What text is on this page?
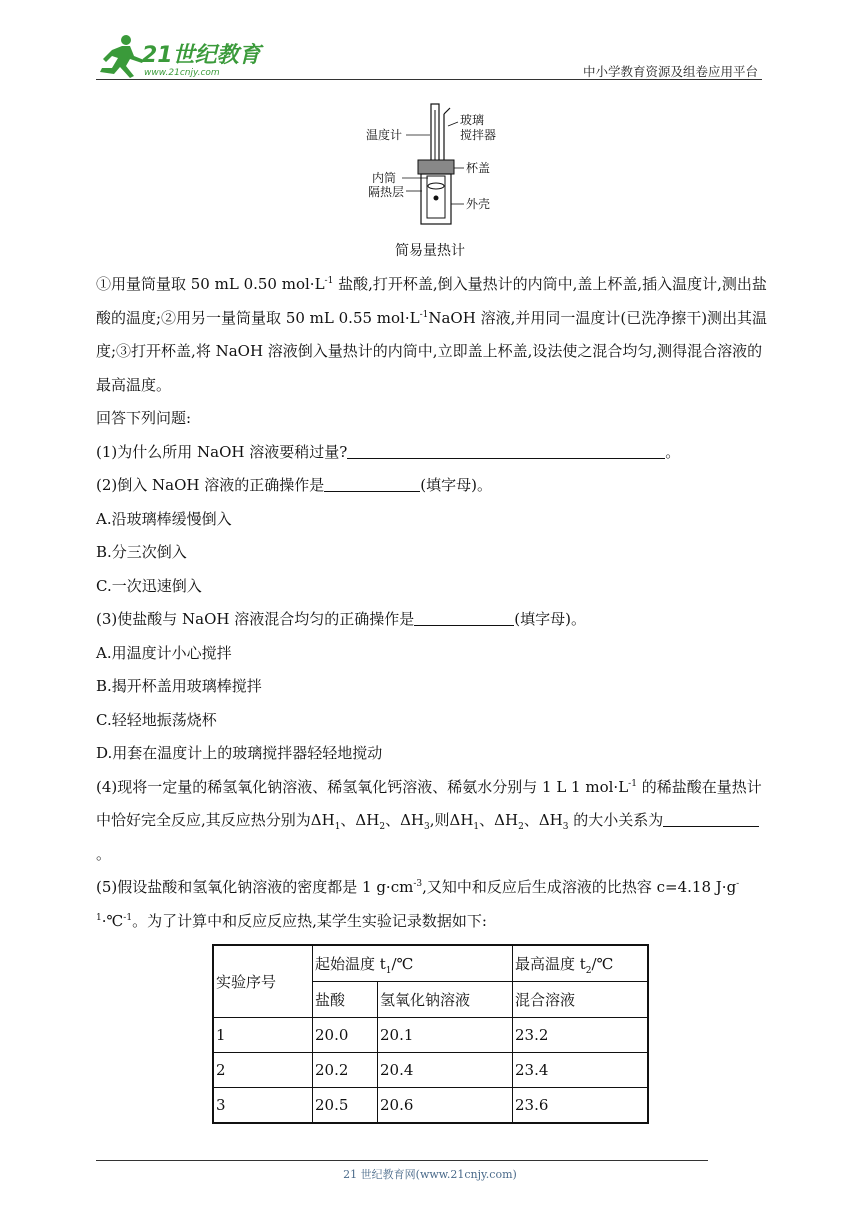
21世纪教育
www.21cnjy.com	中小学教育资源及组卷应用平台
温度计
玻璃
搅拌器
杯盖
内筒
隔热层
外壳
简易量热计

①用量筒量取 50 mL 0.50 $mol\cdot L^{-1}$ 盐酸,打开杯盖,倒入量热计的内筒中,盖上杯盖,插入温度计,测出盐酸的温度;②用另一量筒量取 50 mL 0.55 $mol\cdot L^{-1}NaOH$ 溶液,并用同一温度计(已洗净擦干)测出其温度;③打开杯盖,将 NaOH 溶液倒入量热计的内筒中,立即盖上杯盖,设法使之混合均匀,测得混合溶液的最高温度。

回答下列问题:

(1)为什么所用 NaOH 溶液要稍过量?	。

(2)倒入 NaOH 溶液的正确操作是	(填字母)。

A.沿玻璃棒缓慢倒入

B.分三次倒入

C.一次迅速倒入

(3)使盐酸与 NaOH 溶液混合均匀的正确操作是	(填字母)。

A.用温度计小心搅拌

B.揭开杯盖用玻璃棒搅拌

C.轻轻地振荡烧杯

D.用套在温度计上的玻璃搅拌器轻轻地搅动

(4)现将一定量的稀氢氧化钠溶液、稀氢氧化钙溶液、稀氨水分别与 1 L 1 $mol\cdot L^{-1}$ 的稀盐酸在量热计中恰好完全反应,其反应热分别为$\Delta H_1$、$\Delta H_2$、$\Delta H_3$,则$\Delta H_1$、$\Delta H_2$、$\Delta H_3$ 的大小关系为。

(5)假设盐酸和氢氧化钠溶液的密度都是 1 $g\cdot cm^{-3}$,又知中和反应后生成溶液的比热容 c=4.18 $J\cdot g^{-1}\cdot℃^{-1}$。为了计算中和反应反应热,某学生实验记录数据如下:

实验序号	起始温度 $t_1/℃$		最高温度 $t_2/℃$
	盐酸	氢氧化钠溶液	混合溶液
1	20.0	20.1	23.2
2	20.2	20.4	23.4
3	20.5	20.6	23.6
21 世纪教育网(www.21cnjy.com)
